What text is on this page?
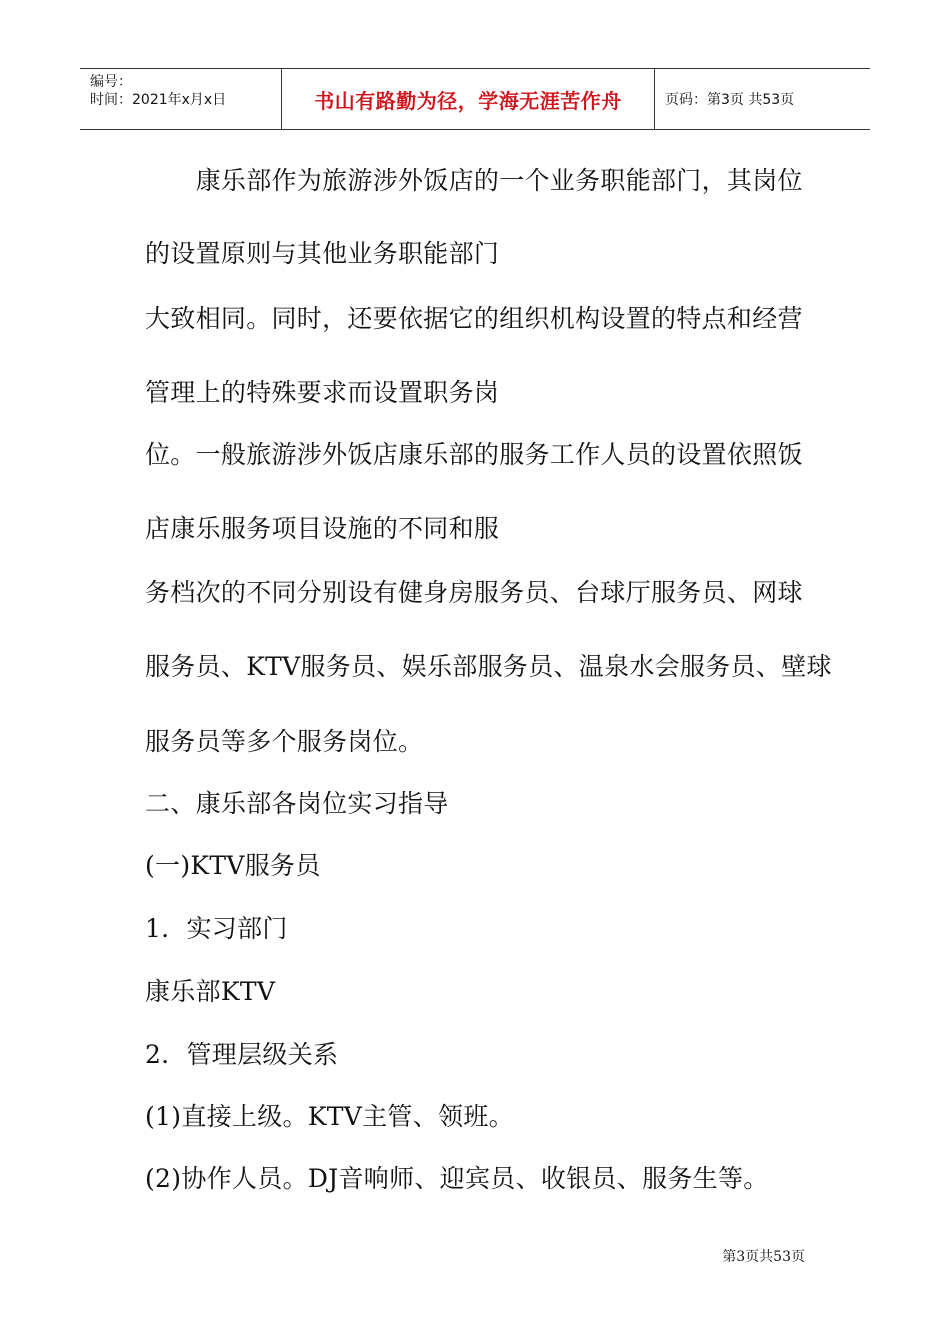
编号：
时间：2021年x月x日	书山有路勤为径，学海无涯苦作舟	页码：第3页 共53页
　　康乐部作为旅游涉外饭店的一个业务职能部门，其岗位
的设置原则与其他业务职能部门
大致相同。同时，还要依据它的组织机构设置的特点和经营
管理上的特殊要求而设置职务岗
位。一般旅游涉外饭店康乐部的服务工作人员的设置依照饭
店康乐服务项目设施的不同和服
务档次的不同分别设有健身房服务员、台球厅服务员、网球
服务员、KTV服务员、娱乐部服务员、温泉水会服务员、壁球
服务员等多个服务岗位。
二、康乐部各岗位实习指导
(一)KTV服务员
1．实习部门
康乐部KTV
2．管理层级关系
(1)直接上级。KTV主管、领班。
(2)协作人员。DJ音响师、迎宾员、收银员、服务生等。
第3页共53页
